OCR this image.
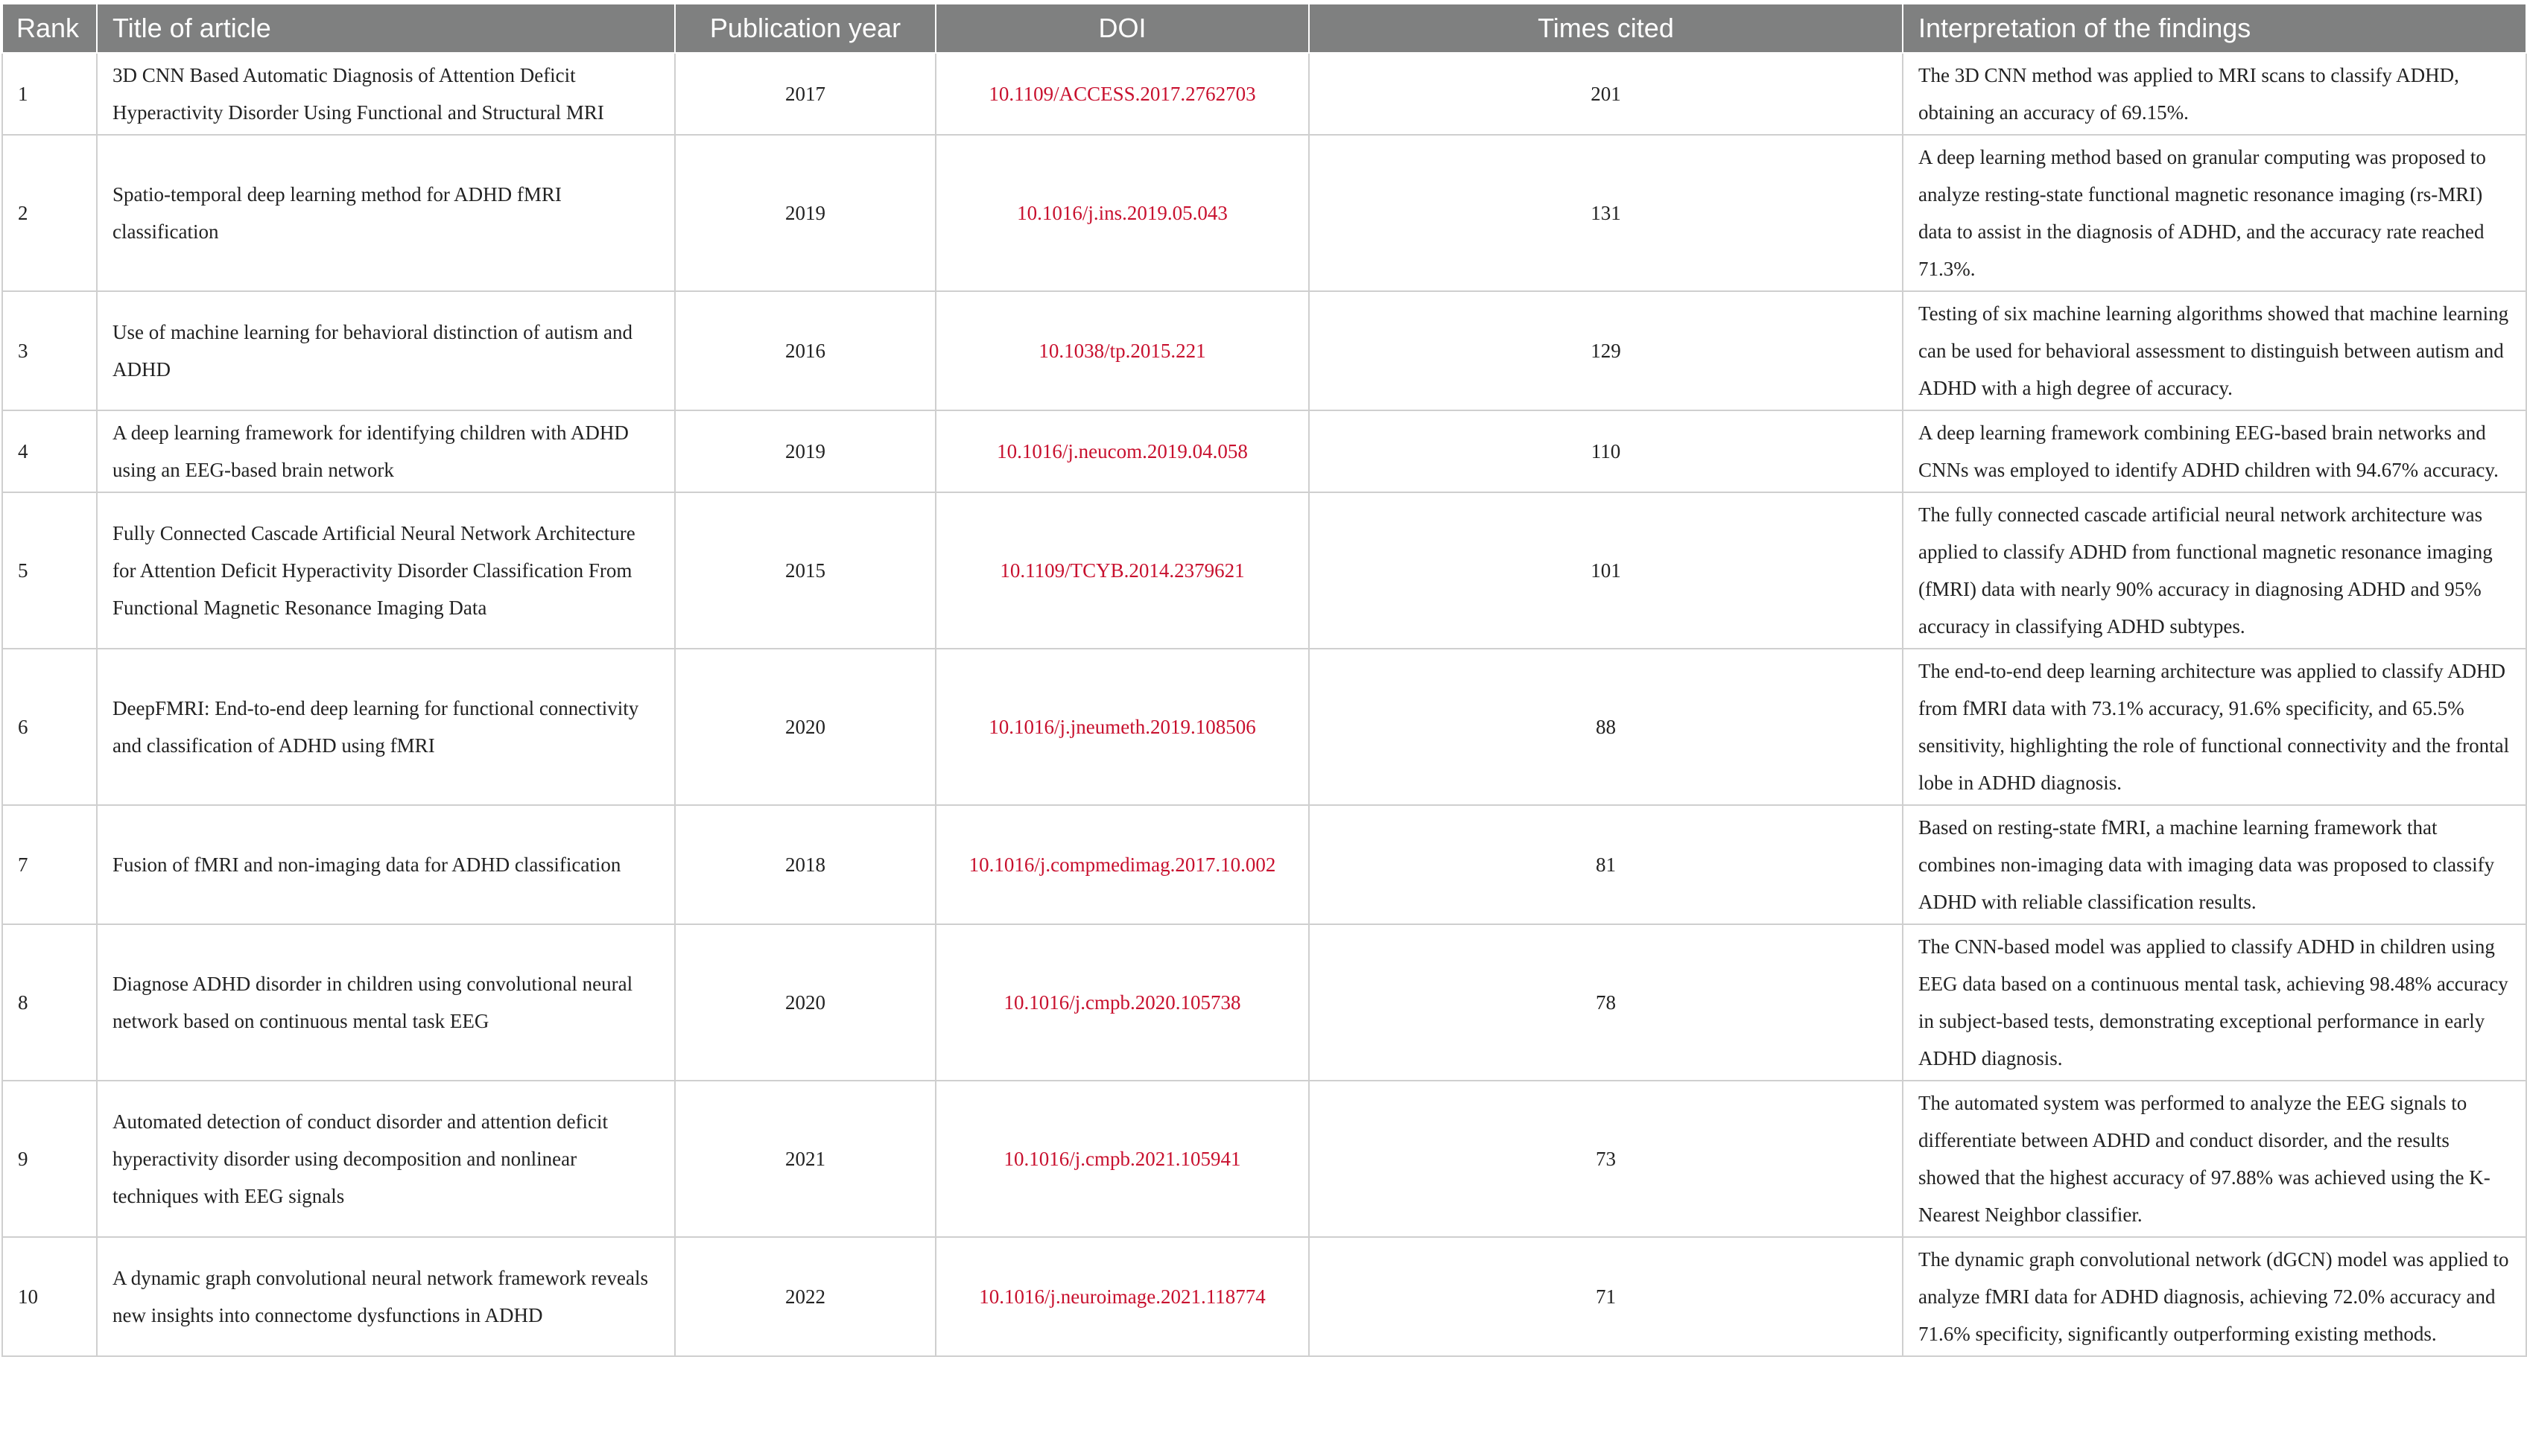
Rank	Title of article	Publication year	DOI	Times cited	Interpretation of the findings
1	3D CNN Based Automatic Diagnosis of Attention Deficit Hyperactivity Disorder Using Functional and Structural MRI	2017	10.1109/ACCESS.2017.2762703	201	The 3D CNN method was applied to MRI scans to classify ADHD, obtaining an accuracy of 69.15%.
2	Spatio-temporal deep learning method for ADHD fMRI classification	2019	10.1016/j.ins.2019.05.043	131	A deep learning method based on granular computing was proposed to analyze resting-state functional magnetic resonance imaging (rs-MRI) data to assist in the diagnosis of ADHD, and the accuracy rate reached 71.3%.
3	Use of machine learning for behavioral distinction of autism and ADHD	2016	10.1038/tp.2015.221	129	Testing of six machine learning algorithms showed that machine learning can be used for behavioral assessment to distinguish between autism and ADHD with a high degree of accuracy.
4	A deep learning framework for identifying children with ADHD using an EEG-based brain network	2019	10.1016/j.neucom.2019.04.058	110	A deep learning framework combining EEG-based brain networks and CNNs was employed to identify ADHD children with 94.67% accuracy.
5	Fully Connected Cascade Artificial Neural Network Architecture for Attention Deficit Hyperactivity Disorder Classification From Functional Magnetic Resonance Imaging Data	2015	10.1109/TCYB.2014.2379621	101	The fully connected cascade artificial neural network architecture was applied to classify ADHD from functional magnetic resonance imaging (fMRI) data with nearly 90% accuracy in diagnosing ADHD and 95% accuracy in classifying ADHD subtypes.
6	DeepFMRI: End-to-end deep learning for functional connectivity and classification of ADHD using fMRI	2020	10.1016/j.jneumeth.2019.108506	88	The end-to-end deep learning architecture was applied to classify ADHD from fMRI data with 73.1% accuracy, 91.6% specificity, and 65.5% sensitivity, highlighting the role of functional connectivity and the frontal lobe in ADHD diagnosis.
7	Fusion of fMRI and non-imaging data for ADHD classification	2018	10.1016/j.compmedimag.2017.10.002	81	Based on resting-state fMRI, a machine learning framework that combines non-imaging data with imaging data was proposed to classify ADHD with reliable classification results.
8	Diagnose ADHD disorder in children using convolutional neural network based on continuous mental task EEG	2020	10.1016/j.cmpb.2020.105738	78	The CNN-based model was applied to classify ADHD in children using EEG data based on a continuous mental task, achieving 98.48% accuracy in subject-based tests, demonstrating exceptional performance in early ADHD diagnosis.
9	Automated detection of conduct disorder and attention deficit hyperactivity disorder using decomposition and nonlinear techniques with EEG signals	2021	10.1016/j.cmpb.2021.105941	73	The automated system was performed to analyze the EEG signals to differentiate between ADHD and conduct disorder, and the results showed that the highest accuracy of 97.88% was achieved using the K-Nearest Neighbor classifier.
10	A dynamic graph convolutional neural network framework reveals new insights into connectome dysfunctions in ADHD	2022	10.1016/j.neuroimage.2021.118774	71	The dynamic graph convolutional network (dGCN) model was applied to analyze fMRI data for ADHD diagnosis, achieving 72.0% accuracy and 71.6% specificity, significantly outperforming existing methods.
